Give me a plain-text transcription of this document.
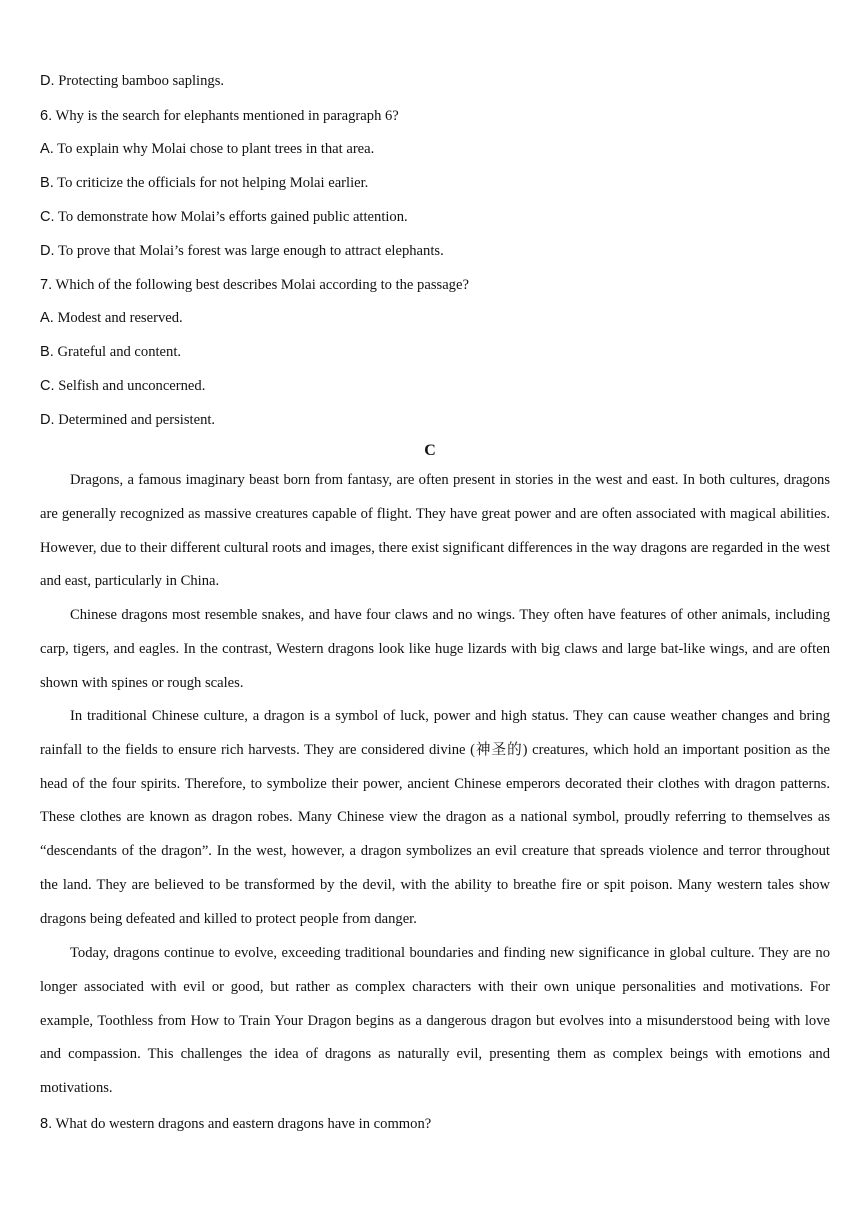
D. Protecting bamboo saplings.
6. Why is the search for elephants mentioned in paragraph 6?
A. To explain why Molai chose to plant trees in that area.
B. To criticize the officials for not helping Molai earlier.
C. To demonstrate how Molai’s efforts gained public attention.
D. To prove that Molai’s forest was large enough to attract elephants.
7. Which of the following best describes Molai according to the passage?
A. Modest and reserved.
B. Grateful and content.
C. Selfish and unconcerned.
D. Determined and persistent.
C
Dragons, a famous imaginary beast born from fantasy, are often present in stories in the west and east. In both cultures, dragons are generally recognized as massive creatures capable of flight. They have great power and are often associated with magical abilities. However, due to their different cultural roots and images, there exist significant differences in the way dragons are regarded in the west and east, particularly in China.
Chinese dragons most resemble snakes, and have four claws and no wings. They often have features of other animals, including carp, tigers, and eagles. In the contrast, Western dragons look like huge lizards with big claws and large bat-like wings, and are often shown with spines or rough scales.
In traditional Chinese culture, a dragon is a symbol of luck, power and high status. They can cause weather changes and bring rainfall to the fields to ensure rich harvests. They are considered divine (神圣的) creatures, which hold an important position as the head of the four spirits. Therefore, to symbolize their power, ancient Chinese emperors decorated their clothes with dragon patterns. These clothes are known as dragon robes. Many Chinese view the dragon as a national symbol, proudly referring to themselves as “descendants of the dragon”. In the west, however, a dragon symbolizes an evil creature that spreads violence and terror throughout the land. They are believed to be transformed by the devil, with the ability to breathe fire or spit poison. Many western tales show dragons being defeated and killed to protect people from danger.
Today, dragons continue to evolve, exceeding traditional boundaries and finding new significance in global culture. They are no longer associated with evil or good, but rather as complex characters with their own unique personalities and motivations. For example, Toothless from How to Train Your Dragon begins as a dangerous dragon but evolves into a misunderstood being with love and compassion. This challenges the idea of dragons as naturally evil, presenting them as complex beings with emotions and motivations.
8. What do western dragons and eastern dragons have in common?
